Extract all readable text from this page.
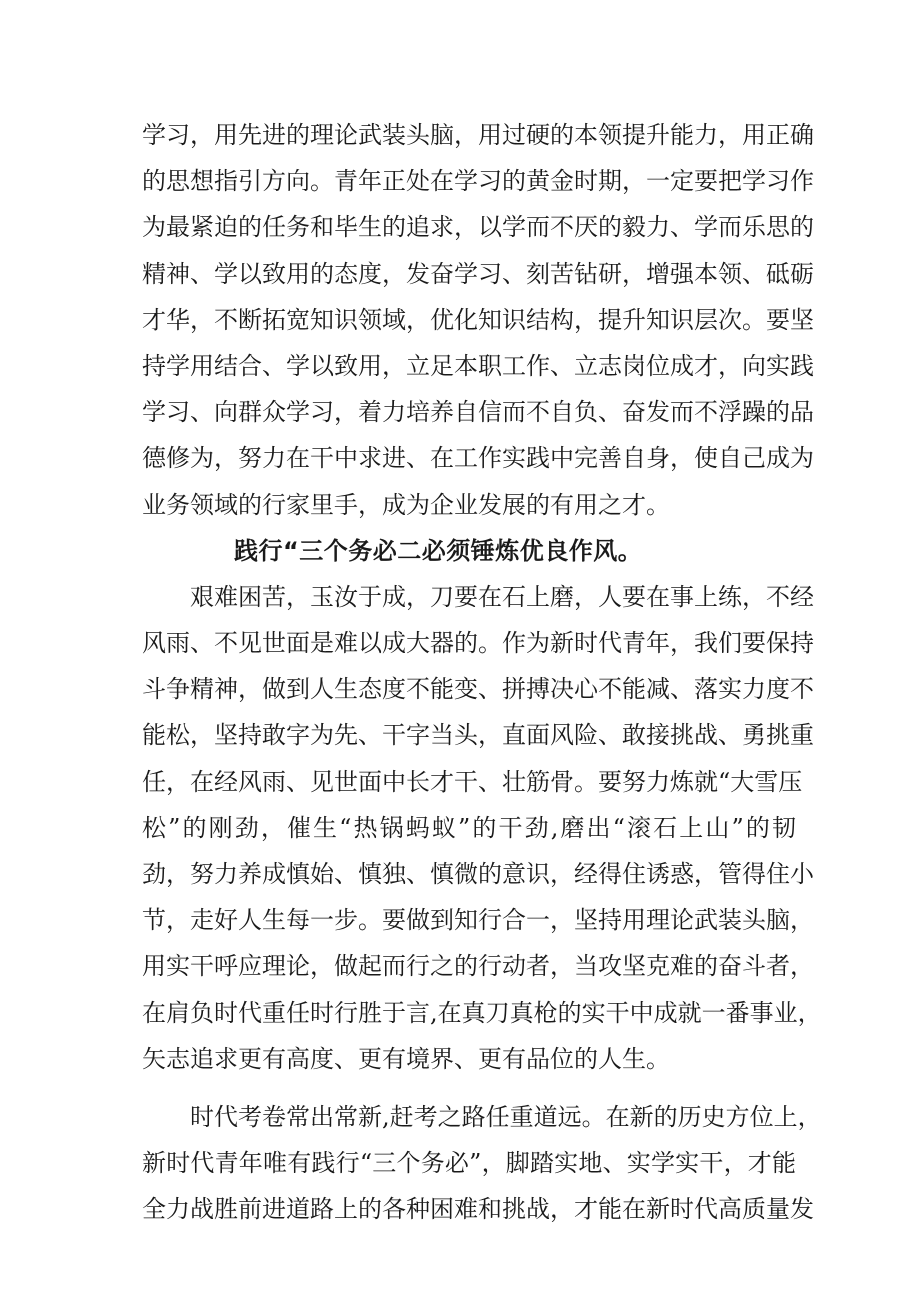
学习，用先进的理论武装头脑，用过硬的本领提升能力，用正确
的思想指引方向。青年正处在学习的黄金时期，一定要把学习作
为最紧迫的任务和毕生的追求，以学而不厌的毅力、学而乐思的
精神、学以致用的态度，发奋学习、刻苦钻研，增强本领、砥砺
才华，不断拓宽知识领域，优化知识结构，提升知识层次。要坚
持学用结合、学以致用，立足本职工作、立志岗位成才，向实践
学习、向群众学习，着力培养自信而不自负、奋发而不浮躁的品
德修为，努力在干中求进、在工作实践中完善自身，使自己成为
业务领域的行家里手，成为企业发展的有用之才。
践行“三个务必二必须锤炼优良作风。
艰难困苦，玉汝于成，刀要在石上磨，人要在事上练，不经
风雨、不见世面是难以成大器的。作为新时代青年，我们要保持
斗争精神，做到人生态度不能变、拼搏决心不能减、落实力度不
能松，坚持敢字为先、干字当头，直面风险、敢接挑战、勇挑重
任，在经风雨、见世面中长才干、壮筋骨。要努力炼就“大雪压
松”的刚劲，催生“热锅蚂蚁”的干劲,磨出“滚石上山”的韧
劲，努力养成慎始、慎独、慎微的意识，经得住诱惑，管得住小
节，走好人生每一步。要做到知行合一，坚持用理论武装头脑，
用实干呼应理论，做起而行之的行动者，当攻坚克难的奋斗者，
在肩负时代重任时行胜于言,在真刀真枪的实干中成就一番事业，
矢志追求更有高度、更有境界、更有品位的人生。
时代考卷常出常新,赶考之路任重道远。在新的历史方位上，
新时代青年唯有践行“三个务必”，脚踏实地、实学实干，才能
全力战胜前进道路上的各种困难和挑战，才能在新时代高质量发
